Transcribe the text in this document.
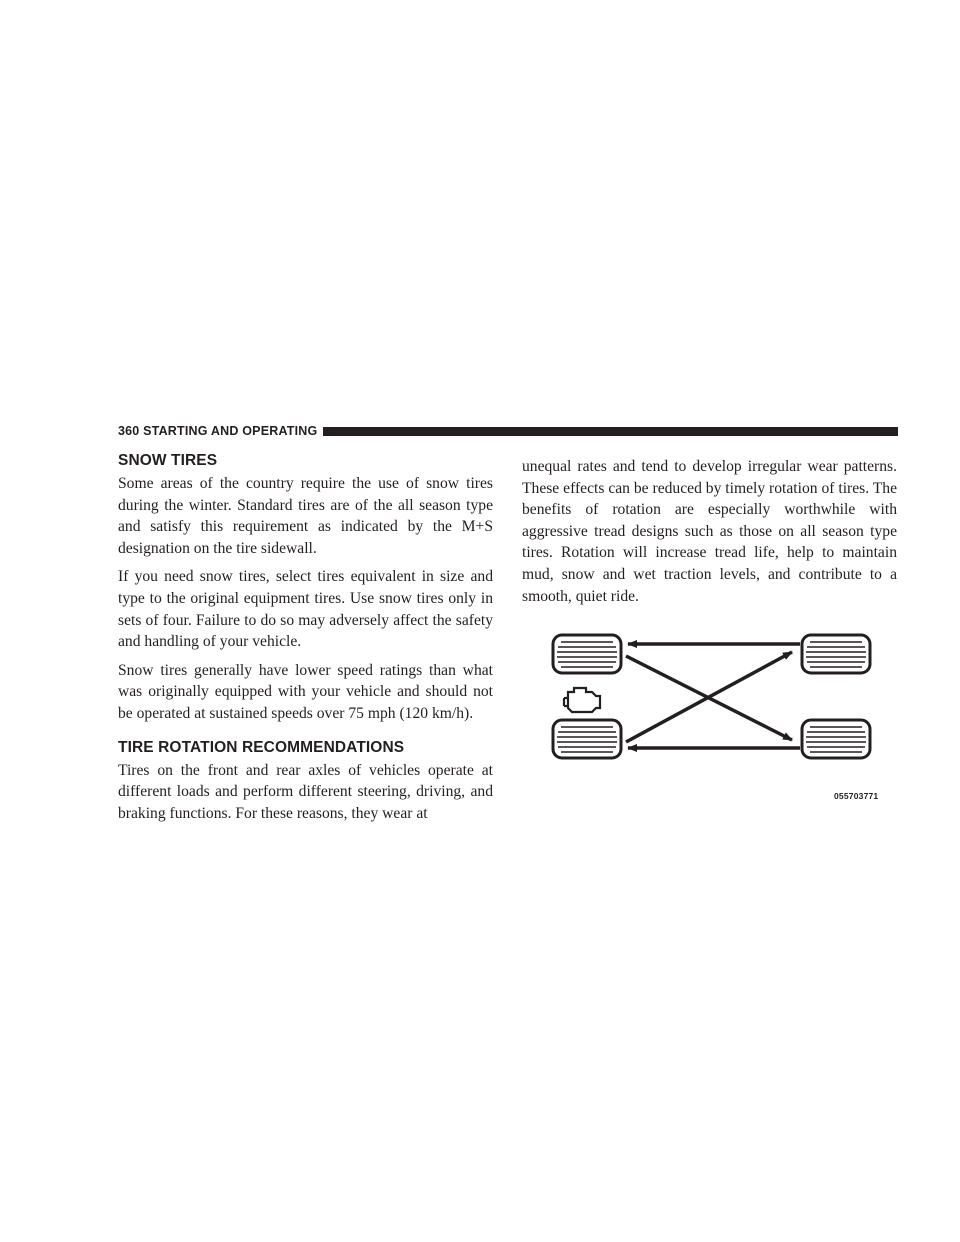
360 STARTING AND OPERATING
SNOW TIRES

Some areas of the country require the use of snow tires during the winter. Standard tires are of the all season type and satisfy this requirement as indicated by the M+S designation on the tire sidewall.

If you need snow tires, select tires equivalent in size and type to the original equipment tires. Use snow tires only in sets of four. Failure to do so may adversely affect the safety and handling of your vehicle.

Snow tires generally have lower speed ratings than what was originally equipped with your vehicle and should not be operated at sustained speeds over 75 mph (120 km/h).

TIRE ROTATION RECOMMENDATIONS

Tires on the front and rear axles of vehicles operate at different loads and perform different steering, driving, and braking functions. For these reasons, they wear at

unequal rates and tend to develop irregular wear patterns. These effects can be reduced by timely rotation of tires. The benefits of rotation are especially worthwhile with aggressive tread designs such as those on all season type tires. Rotation will increase tread life, help to maintain mud, snow and wet traction levels, and contribute to a smooth, quiet ride.

055703771
